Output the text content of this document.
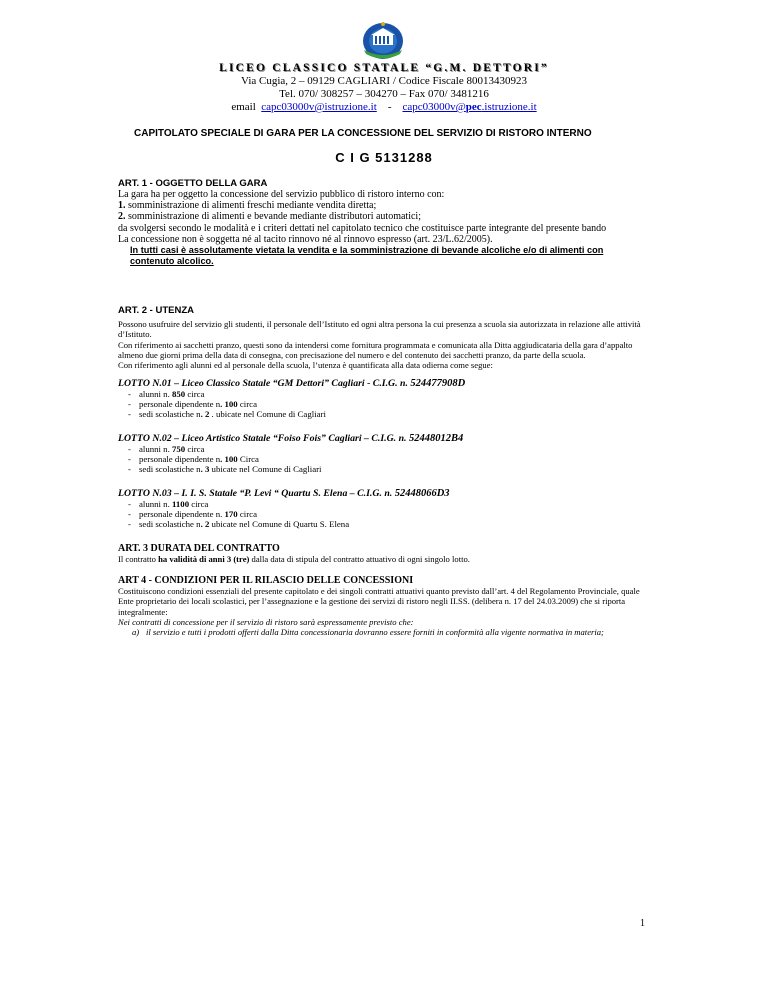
LICEO CLASSICO STATALE “G.M. DETTORI”
Via Cugia, 2 – 09129 CAGLIARI / Codice Fiscale 80013430923
Tel. 070/ 308257 – 304270 – Fax 070/ 3481216
email capc03000v@istruzione.it - capc03000v@pec.istruzione.it
CAPITOLATO SPECIALE DI GARA PER LA CONCESSIONE DEL SERVIZIO DI RISTORO INTERNO
C I G 5131288
ART. 1 - OGGETTO DELLA GARA
La gara ha per oggetto la concessione del servizio pubblico di ristoro interno con:
1. somministrazione di alimenti freschi mediante vendita diretta;
2. somministrazione di alimenti e bevande mediante distributori automatici;
da svolgersi secondo le modalità e i criteri dettati nel capitolato tecnico che costituisce parte integrante del presente bando
La concessione non è soggetta né al tacito rinnovo né al rinnovo espresso (art. 23/L.62/2005).
In tutti casi è assolutamente vietata la vendita e la somministrazione di bevande alcoliche e/o di alimenti con contenuto alcolico.
ART. 2 - UTENZA
Possono usufruire del servizio gli studenti, il personale dell’Istituto ed ogni altra persona la cui presenza a scuola sia autorizzata in relazione alle attività d’Istituto.
Con riferimento ai sacchetti pranzo, questi sono da intendersi come fornitura programmata e comunicata alla Ditta aggiudicataria della gara d’appalto almeno due giorni prima della data di consegna, con precisazione del numero e del contenuto dei sacchetti pranzo, da parte della scuola.
Con riferimento agli alunni ed al personale della scuola, l’utenza è quantificata alla data odierna come segue:
LOTTO N.01 – Liceo Classico Statale “GM Dettori” Cagliari - C.I.G. n. 524477908D
- alunni n. 850 circa
- personale dipendente n. 100 circa
- sedi scolastiche n. 2 . ubicate nel Comune di Cagliari
LOTTO N.02 – Liceo Artistico Statale “Foiso Fois” Cagliari – C.I.G. n. 52448012B4
- alunni n. 750 circa
- personale dipendente n. 100 Circa
- sedi scolastiche n. 3 ubicate nel Comune di Cagliari
LOTTO N.03 – I. I. S. Statale “P. Levi “ Quartu S. Elena – C.I.G. n. 52448066D3
- alunni n. 1100 circa
- personale dipendente n. 170 circa
- sedi scolastiche n. 2 ubicate nel Comune di Quartu S. Elena
ART. 3 DURATA DEL CONTRATTO
Il contratto ha validità di anni 3 (tre) dalla data di stipula del contratto attuativo di ogni singolo lotto.
ART 4 - CONDIZIONI PER IL RILASCIO DELLE CONCESSIONI
Costituiscono condizioni essenziali del presente capitolato e dei singoli contratti attuativi quanto previsto dall’art. 4 del Regolamento Provinciale, quale Ente proprietario dei locali scolastici, per l’assegnazione e la gestione dei servizi di ristoro negli II.SS. (delibera n. 17 del 24.03.2009) che si riporta integralmente:
Nei contratti di concessione per il servizio di ristoro sarà espressamente previsto che:
a) il servizio e tutti i prodotti offerti dalla Ditta concessionaria dovranno essere forniti in conformità alla vigente normativa in materia;
1
